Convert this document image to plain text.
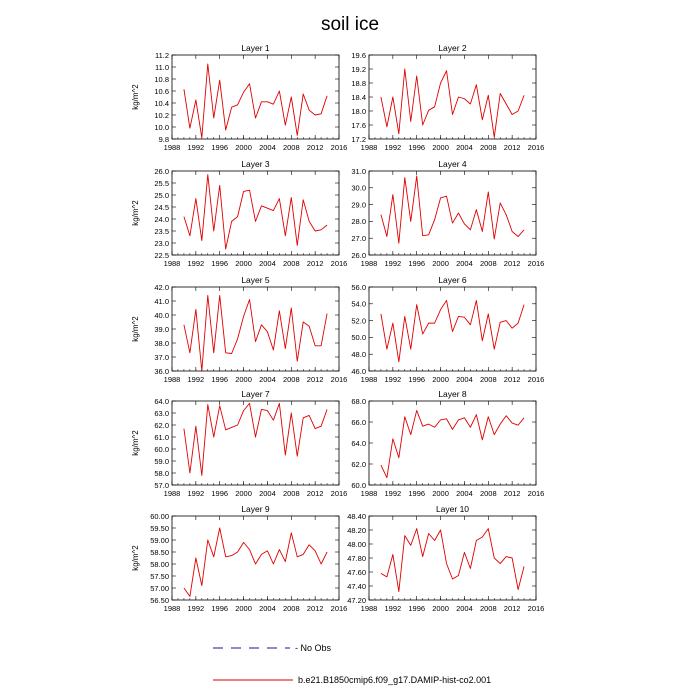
soil ice
Layer 1
kg/m^2
1988 1992 1996 2000 2004 2008 2012 2016
9.8
10.0
10.2
10.4
10.6
10.8
11.0
11.2
Layer 2
1988 1992 1996 2000 2004 2008 2012 2016
17.2
17.6
18.0
18.4
18.8
19.2
19.6
Layer 3
kg/m^2
1988 1992 1996 2000 2004 2008 2012 2016
22.5
23.0
23.5
24.0
24.5
25.0
25.5
26.0
Layer 4
1988 1992 1996 2000 2004 2008 2012 2016
26.0
27.0
28.0
29.0
30.0
31.0
Layer 5
kg/m^2
1988 1992 1996 2000 2004 2008 2012 2016
36.0
37.0
38.0
39.0
40.0
41.0
42.0
Layer 6
1988 1992 1996 2000 2004 2008 2012 2016
46.0
48.0
50.0
52.0
54.0
56.0
Layer 7
kg/m^2
1988 1992 1996 2000 2004 2008 2012 2016
57.0
58.0
59.0
60.0
61.0
62.0
63.0
64.0
Layer 8
1988 1992 1996 2000 2004 2008 2012 2016
60.0
62.0
64.0
66.0
68.0
Layer 9
kg/m^2
1988 1992 1996 2000 2004 2008 2012 2016
56.50
57.00
57.50
58.00
58.50
59.00
59.50
60.00
Layer 10
1988 1992 1996 2000 2004 2008 2012 2016
47.20
47.40
47.60
47.80
48.00
48.20
48.40
- No Obs
b.e21.B1850cmip6.f09_g17.DAMIP-hist-co2.001
